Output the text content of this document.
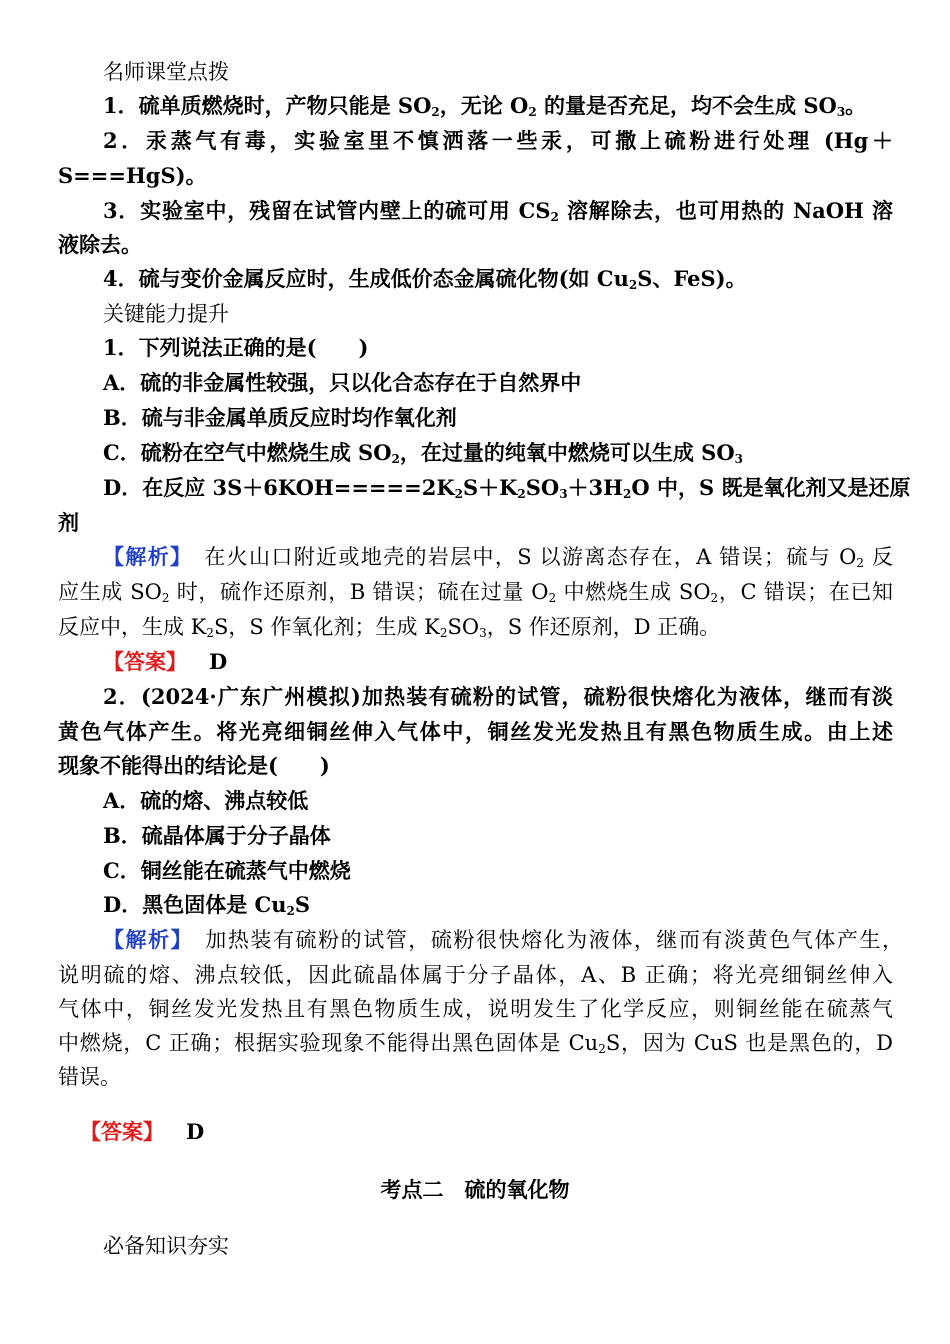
名师课堂点拨
1．硫单质燃烧时，产物只能是 $SO_2$，无论 $O_2$ 的量是否充足，均不会生成 $SO_3$。
2．汞蒸气有毒，实验室里不慎洒落一些汞，可撒上硫粉进行处理 (Hg＋
S===HgS)。
3．实验室中，残留在试管内壁上的硫可用 $CS_2$ 溶解除去，也可用热的 NaOH 溶
液除去。
4．硫与变价金属反应时，生成低价态金属硫化物(如 $Cu_2S$、FeS)。
关键能力提升
1．下列说法正确的是(　　)
A．硫的非金属性较强，只以化合态存在于自然界中
B．硫与非金属单质反应时均作氧化剂
C．硫粉在空气中燃烧生成 $SO_2$，在过量的纯氧中燃烧可以生成 $SO_3$
D．在反应 $3S+6KOH=====2K_2S+K_2SO_3+3H_2O$ 中，S 既是氧化剂又是还原
剂
【解析】　在火山口附近或地壳的岩层中，S 以游离态存在，A 错误；硫与 $O_2$ 反
应生成 $SO_2$ 时，硫作还原剂，B 错误；硫在过量 $O_2$ 中燃烧生成 $SO_2$，C 错误；在已知
反应中，生成 $K_2S$，S 作氧化剂；生成 $K_2SO_3$，S 作还原剂，D 正确。
【答案】 D
2．(2024·广东广州模拟)加热装有硫粉的试管，硫粉很快熔化为液体，继而有淡
黄色气体产生。将光亮细铜丝伸入气体中，铜丝发光发热且有黑色物质生成。由上述
现象不能得出的结论是(　　)
A．硫的熔、沸点较低
B．硫晶体属于分子晶体
C．铜丝能在硫蒸气中燃烧
D．黑色固体是 $Cu_2S$
【解析】　加热装有硫粉的试管，硫粉很快熔化为液体，继而有淡黄色气体产生，
说明硫的熔、沸点较低，因此硫晶体属于分子晶体，A、B 正确；将光亮细铜丝伸入
气体中，铜丝发光发热且有黑色物质生成，说明发生了化学反应，则铜丝能在硫蒸气
中燃烧，C 正确；根据实验现象不能得出黑色固体是 $Cu_2S$，因为 CuS 也是黑色的，D
错误。
【答案】 D
考点二　硫的氧化物
必备知识夯实
